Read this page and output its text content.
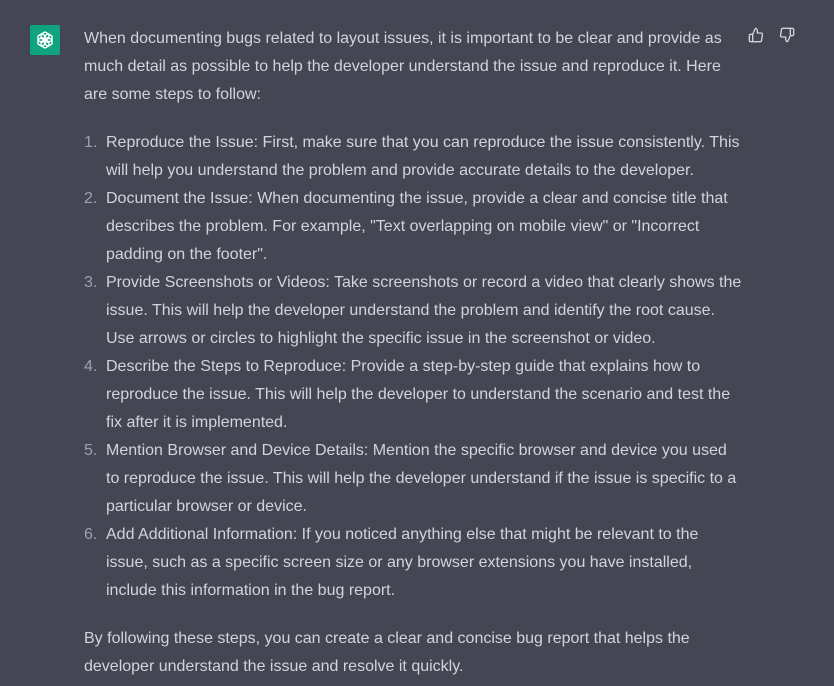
When documenting bugs related to layout issues, it is important to be clear and provide as much detail as possible to help the developer understand the issue and reproduce it. Here are some steps to follow:

1. Reproduce the Issue: First, make sure that you can reproduce the issue consistently. This will help you understand the problem and provide accurate details to the developer.
2. Document the Issue: When documenting the issue, provide a clear and concise title that describes the problem. For example, "Text overlapping on mobile view" or "Incorrect padding on the footer".
3. Provide Screenshots or Videos: Take screenshots or record a video that clearly shows the issue. This will help the developer understand the problem and identify the root cause. Use arrows or circles to highlight the specific issue in the screenshot or video.
4. Describe the Steps to Reproduce: Provide a step-by-step guide that explains how to reproduce the issue. This will help the developer to understand the scenario and test the fix after it is implemented.
5. Mention Browser and Device Details: Mention the specific browser and device you used to reproduce the issue. This will help the developer understand if the issue is specific to a particular browser or device.
6. Add Additional Information: If you noticed anything else that might be relevant to the issue, such as a specific screen size or any browser extensions you have installed, include this information in the bug report.

By following these steps, you can create a clear and concise bug report that helps the developer understand the issue and resolve it quickly.
